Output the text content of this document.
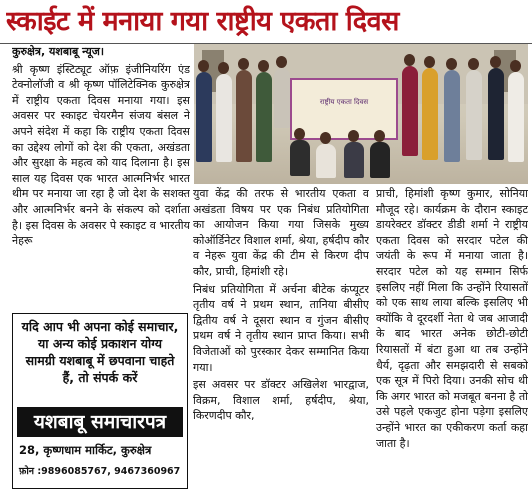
स्काईट में मनाया गया राष्ट्रीय एकता दिवस

कुरुक्षेत्र, यशबाबू न्यूज।

श्री कृष्ण इंस्टिट्यूट ऑफ़ इंजीनियरिंग एंड टेक्नोलॉजी व श्री कृष्ण पॉलिटेक्निक कुरुक्षेत्र में राष्ट्रीय एकता दिवस मनाया गया। इस अवसर पर स्काइट चेयरमैन संजय बंसल ने अपने संदेश में कहा कि राष्ट्रीय एकता दिवस का उद्देश्य लोगों को देश की एकता, अखंडता और सुरक्षा के महत्व को याद दिलाना है। इस साल यह दिवस एक भारत आत्मनिर्भर भारत थीम पर मनाया जा रहा है जो देश के सशक्त और आत्मनिर्भर बनने के संकल्प को दर्शाता है। इस दिवस के अवसर पे स्काइट व भारतीय नेहरू

राष्ट्रीय एकता दिवस

युवा केंद्र की तरफ से भारतीय एकता व अखंडता विषय पर एक निबंध प्रतियोगिता का आयोजन किया गया जिसके मुख्य कोऑर्डिनेटर विशाल शर्मा, श्रेया, हर्षदीप कौर व नेहरू युवा केंद्र की टीम से किरण दीप कौर, प्राची, हिमांशी रहे।

निबंध प्रतियोगिता में अर्चना बीटेक कंप्यूटर तृतीय वर्ष ने प्रथम स्थान, तानिया बीसीए द्वितीय वर्ष ने दूसरा स्थान व गुंजन बीसीए प्रथम वर्ष ने तृतीय स्थान प्राप्त किया। सभी विजेताओं को पुरस्कार देकर सम्मानित किया गया।

इस अवसर पर डॉक्टर अखिलेश भारद्वाज, विक्रम, विशाल शर्मा, हर्षदीप, श्रेया, किरणदीप कौर,

प्राची, हिमांशी कृष्ण कुमार, सोनिया मौजूद रहे। कार्यक्रम के दौरान स्काइट डायरेक्टर डॉक्टर डीडी शर्मा ने राष्ट्रीय एकता दिवस को सरदार पटेल की जयंती के रूप में मनाया जाता है। सरदार पटेल को यह सम्मान सिर्फ इसलिए नहीं मिला कि उन्होंने रियासतों को एक साथ लाया बल्कि इसलिए भी क्योंकि वे दूरदर्शी नेता थे जब आजादी के बाद भारत अनेक छोटी-छोटी रियासतों में बंटा हुआ था तब उन्होंने धैर्य, दृढ़ता और समझदारी से सबको एक सूत्र में पिरो दिया। उनकी सोच थी कि अगर भारत को मजबूत बनना है तो उसे पहले एकजुट होना पड़ेगा इसलिए उन्होंने भारत का एकीकरण कर्ता कहा जाता है।

यदि आप भी अपना कोई समाचार,
या अन्य कोई प्रकाशन योग्य
सामग्री यशबाबू में छपवाना चाहते
हैं, तो संपर्क करें
यशबाबू समाचारपत्र
28, कृष्णधाम मार्किट, कुरुक्षेत्र
फ़ोन :9896085767, 9467360967
